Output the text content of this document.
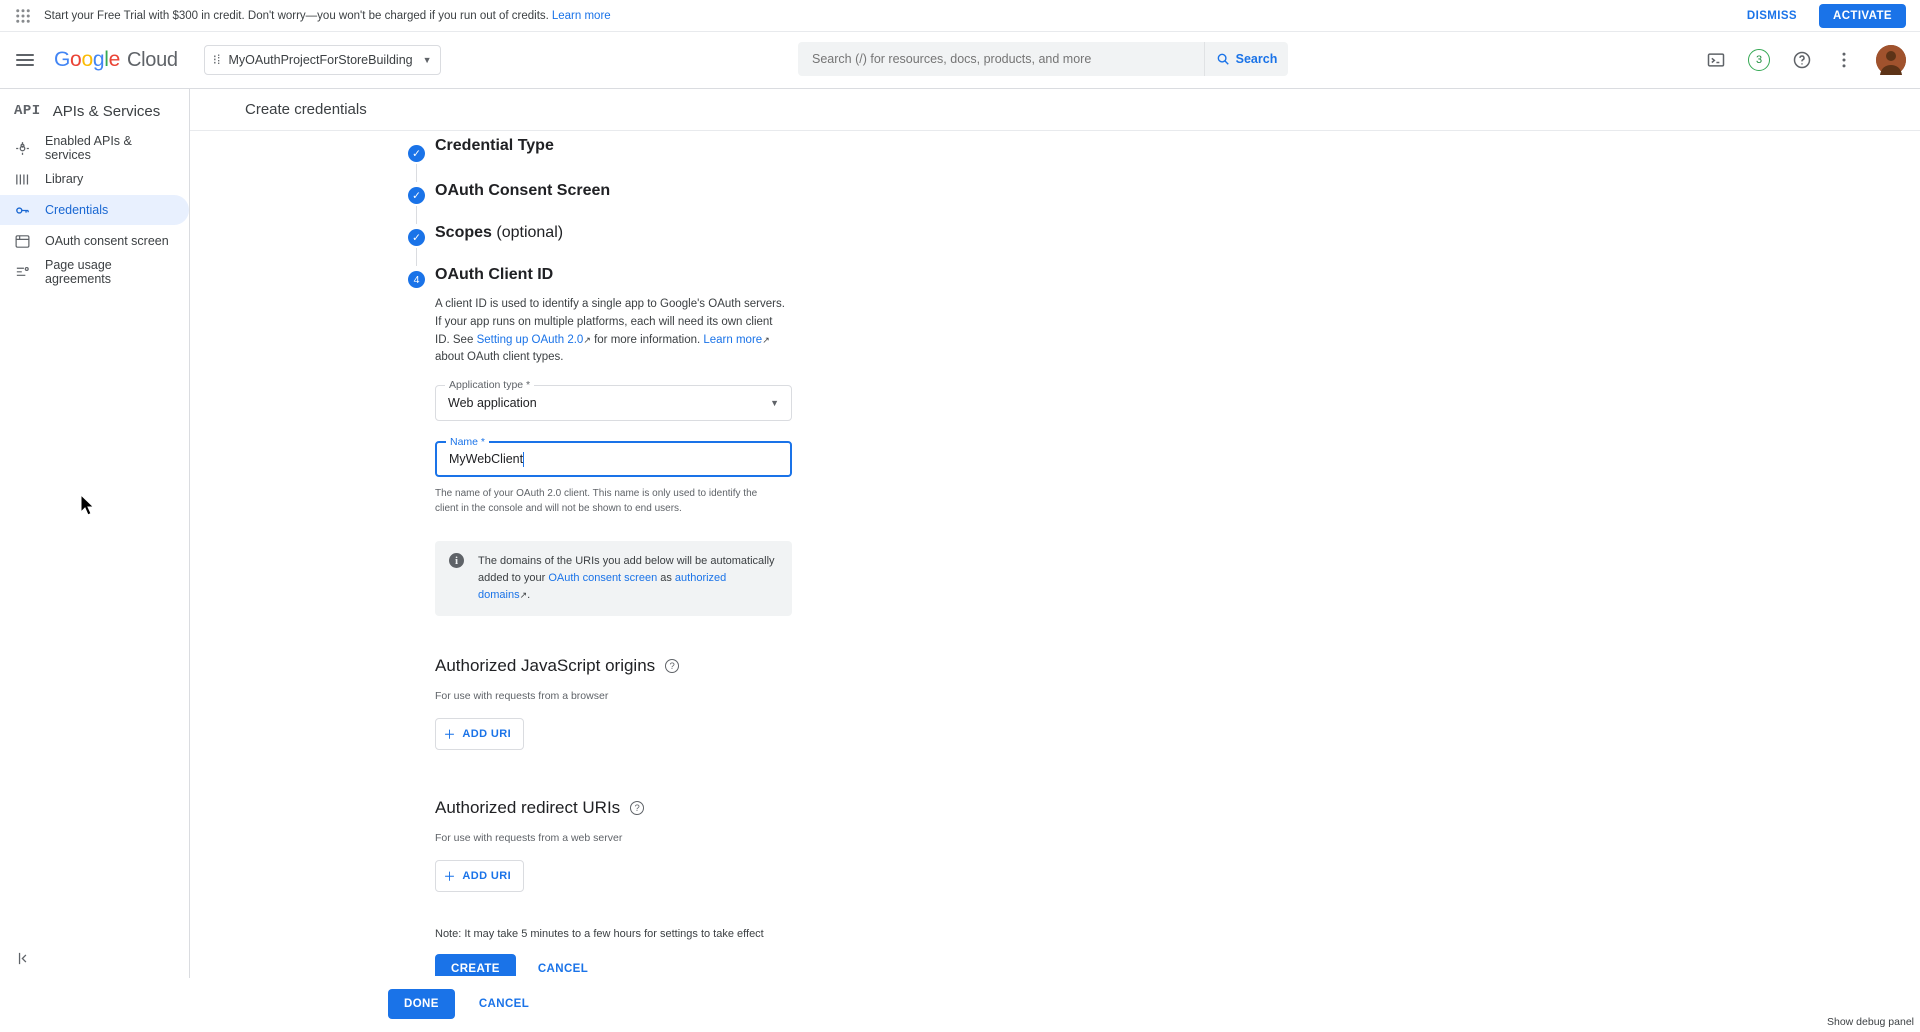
Start your Free Trial with $300 in credit. Don't worry—you won't be charged if you run out of credits. Learn more	DISMISS	ACTIVATE
G o o g l e Cloud	⁝⁞ MyOAuthProjectForStoreBuilding ▼	3
Search (/) for resources, docs, products, and more
Search
API APIs & Services
Enabled APIs & services
Library
Credentials
OAuth consent screen
Page usage agreements
Create credentials
✓ Credential Type
✓ OAuth Consent Screen
✓ Scopes (optional)
4 OAuth Client ID
A client ID is used to identify a single app to Google's OAuth servers. If your app runs on multiple platforms, each will need its own client ID. See Setting up OAuth 2.0↗ for more information. Learn more↗ about OAuth client types.
Application type *
Web application	▼
Name *
MyWebClient
The name of your OAuth 2.0 client. This name is only used to identify the client in the console and will not be shown to end users.
i	The domains of the URIs you add below will be automatically added to your OAuth consent screen as authorized domains↗.
Authorized JavaScript origins	?
For use with requests from a browser
＋ ADD URI
Authorized redirect URIs	?
For use with requests from a web server
＋ ADD URI
Note: It may take 5 minutes to a few hours for settings to take effect
CREATE	CANCEL
DONE	CANCEL
Show debug panel
